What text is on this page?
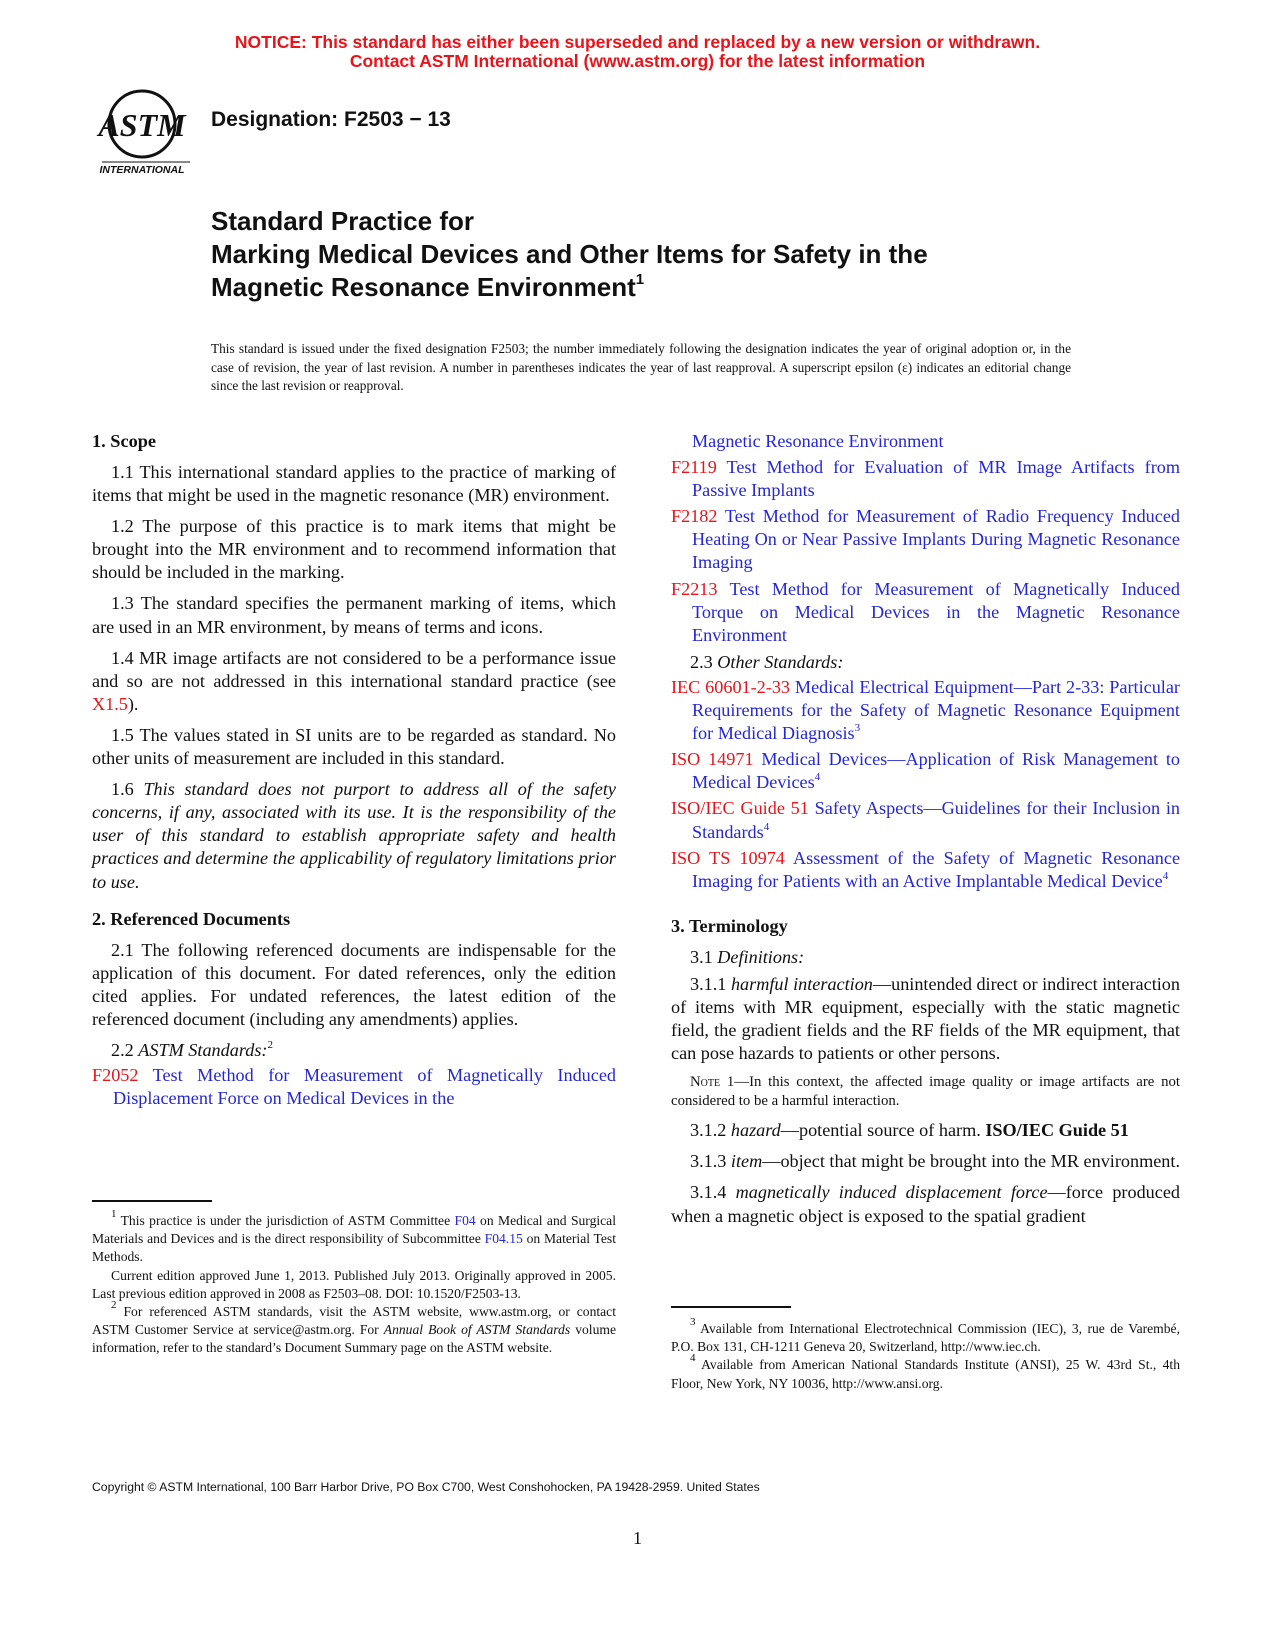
NOTICE: This standard has either been superseded and replaced by a new version or withdrawn.
Contact ASTM International (www.astm.org) for the latest information
ASTM
INTERNATIONAL
Designation: F2503 − 13
Standard Practice for
Marking Medical Devices and Other Items for Safety in the
Magnetic Resonance Environment$^1$
This standard is issued under the fixed designation F2503; the number immediately following the designation indicates the year of original adoption or, in the case of revision, the year of last revision. A number in parentheses indicates the year of last reapproval. A superscript epsilon (ε) indicates an editorial change since the last revision or reapproval.
1. Scope

1.1 This international standard applies to the practice of marking of items that might be used in the magnetic resonance (MR) environment.

1.2 The purpose of this practice is to mark items that might be brought into the MR environment and to recommend information that should be included in the marking.

1.3 The standard specifies the permanent marking of items, which are used in an MR environment, by means of terms and icons.

1.4 MR image artifacts are not considered to be a performance issue and so are not addressed in this international standard practice (see X1.5).

1.5 The values stated in SI units are to be regarded as standard. No other units of measurement are included in this standard.

1.6 This standard does not purport to address all of the safety concerns, if any, associated with its use. It is the responsibility of the user of this standard to establish appropriate safety and health practices and determine the applicability of regulatory limitations prior to use.

2. Referenced Documents

2.1 The following referenced documents are indispensable for the application of this document. For dated references, only the edition cited applies. For undated references, the latest edition of the referenced document (including any amendments) applies.

2.2 ASTM Standards:$^2$
F2052 Test Method for Measurement of Magnetically Induced Displacement Force on Medical Devices in the
Magnetic Resonance Environment
F2119 Test Method for Evaluation of MR Image Artifacts from Passive Implants
F2182 Test Method for Measurement of Radio Frequency Induced Heating On or Near Passive Implants During Magnetic Resonance Imaging
F2213 Test Method for Measurement of Magnetically Induced Torque on Medical Devices in the Magnetic Resonance Environment
2.3 Other Standards:
IEC 60601-2-33 Medical Electrical Equipment—Part 2-33: Particular Requirements for the Safety of Magnetic Resonance Equipment for Medical Diagnosis$^3$
ISO 14971 Medical Devices—Application of Risk Management to Medical Devices$^4$
ISO/IEC Guide 51 Safety Aspects—Guidelines for their Inclusion in Standards$^4$
ISO TS 10974 Assessment of the Safety of Magnetic Resonance Imaging for Patients with an Active Implantable Medical Device$^4$
3. Terminology
3.1 Definitions:

3.1.1 harmful interaction—unintended direct or indirect interaction of items with MR equipment, especially with the static magnetic field, the gradient fields and the RF fields of the MR equipment, that can pose hazards to patients or other persons.

Note 1—In this context, the affected image quality or image artifacts are not considered to be a harmful interaction.

3.1.2 hazard—potential source of harm. ISO/IEC Guide 51

3.1.3 item—object that might be brought into the MR environment.

3.1.4 magnetically induced displacement force—force produced when a magnetic object is exposed to the spatial gradient

$^1$ This practice is under the jurisdiction of ASTM Committee F04 on Medical and Surgical Materials and Devices and is the direct responsibility of Subcommittee F04.15 on Material Test Methods.

Current edition approved June 1, 2013. Published July 2013. Originally approved in 2005. Last previous edition approved in 2008 as F2503–08. DOI: 10.1520/F2503-13.

$^2$ For referenced ASTM standards, visit the ASTM website, www.astm.org, or contact ASTM Customer Service at service@astm.org. For Annual Book of ASTM Standards volume information, refer to the standard’s Document Summary page on the ASTM website.

$^3$ Available from International Electrotechnical Commission (IEC), 3, rue de Varembé, P.O. Box 131, CH-1211 Geneva 20, Switzerland, http://www.iec.ch.

$^4$ Available from American National Standards Institute (ANSI), 25 W. 43rd St., 4th Floor, New York, NY 10036, http://www.ansi.org.

Copyright © ASTM International, 100 Barr Harbor Drive, PO Box C700, West Conshohocken, PA 19428-2959. United States
1
